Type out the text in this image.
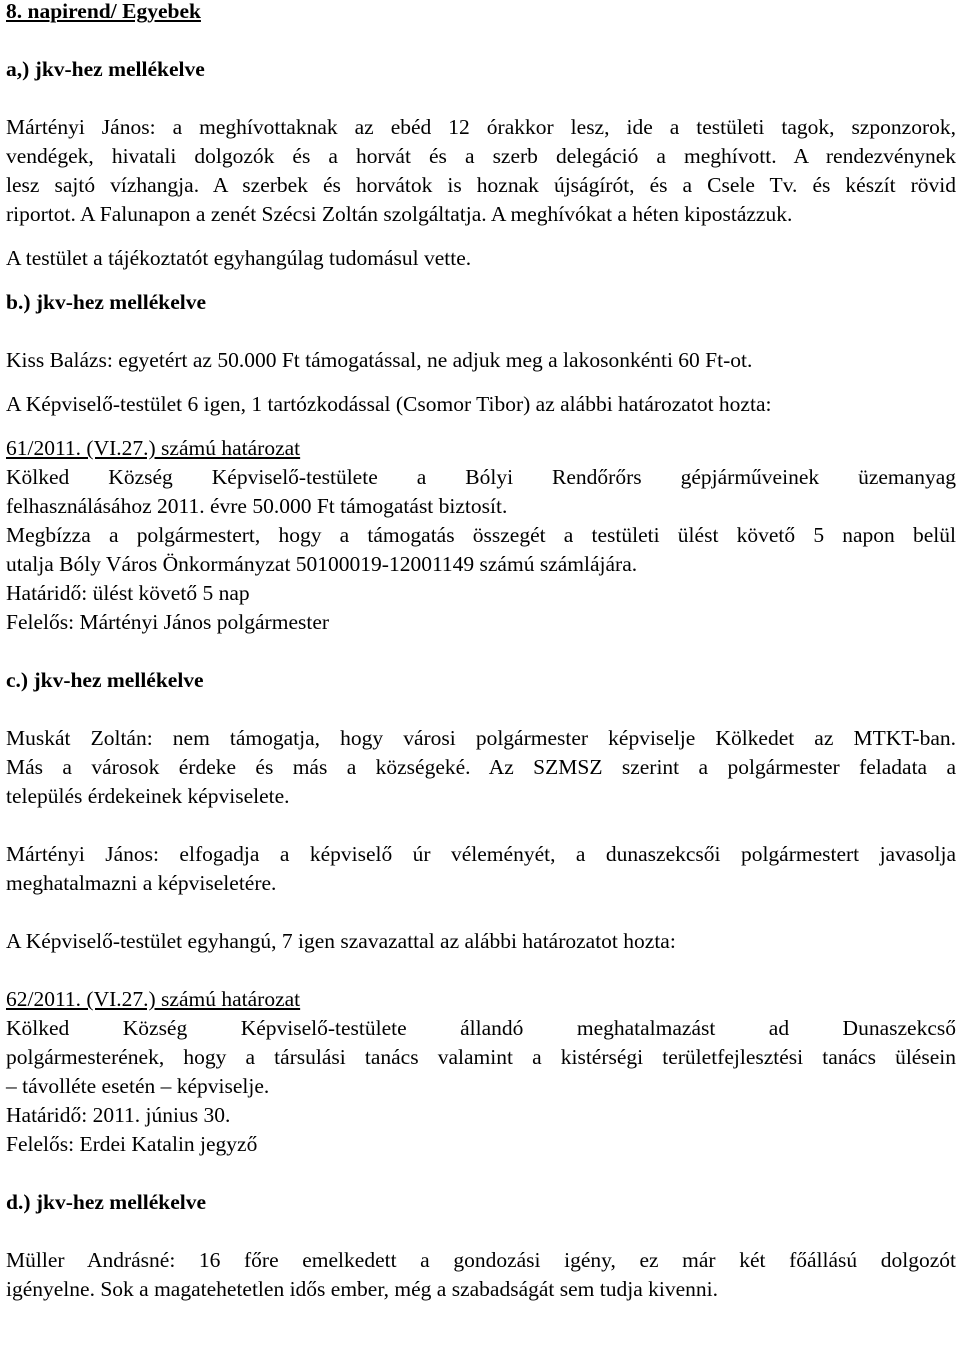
8. napirend/ Egyebek
a,) jkv-hez mellékelve
Mártényi János: a meghívottaknak az ebéd 12 órakkor lesz, ide a testületi tagok, szponzorok,
vendégek, hivatali dolgozók és a horvát és a szerb delegáció a meghívott. A rendezvénynek
lesz sajtó vízhangja. A szerbek és horvátok is hoznak újságírót, és a Csele Tv. és készít rövid
riportot. A Falunapon a zenét Szécsi Zoltán szolgáltatja. A meghívókat a héten kipostázzuk.
A testület a tájékoztatót egyhangúlag tudomásul vette.
b.) jkv-hez mellékelve
Kiss Balázs: egyetért az 50.000 Ft támogatással, ne adjuk meg a lakosonkénti 60 Ft-ot.
A Képviselő-testület 6 igen, 1 tartózkodással (Csomor Tibor) az alábbi határozatot hozta:
61/2011. (VI.27.) számú határozat
Kölked Község Képviselő-testülete a Bólyi Rendőrőrs gépjárműveinek üzemanyag
felhasználásához 2011. évre 50.000 Ft támogatást biztosít.
Megbízza a polgármestert, hogy a támogatás összegét a testületi ülést követő 5 napon belül
utalja Bóly Város Önkormányzat 50100019-12001149 számú számlájára.
Határidő: ülést követő 5 nap
Felelős: Mártényi János polgármester
c.) jkv-hez mellékelve
Muskát Zoltán: nem támogatja, hogy városi polgármester képviselje Kölkedet az MTKT-ban.
Más a városok érdeke és más a községeké. Az SZMSZ szerint a polgármester feladata a
település érdekeinek képviselete.
Mártényi János: elfogadja a képviselő úr véleményét, a dunaszekcsői polgármestert javasolja
meghatalmazni a képviseletére.
A Képviselő-testület egyhangú, 7 igen szavazattal az alábbi határozatot hozta:
62/2011. (VI.27.) számú határozat
Kölked Község Képviselő-testülete állandó meghatalmazást ad Dunaszekcső
polgármesterének, hogy a társulási tanács valamint a kistérségi területfejlesztési tanács ülésein
– távolléte esetén – képviselje.
Határidő: 2011. június 30.
Felelős: Erdei Katalin jegyző
d.) jkv-hez mellékelve
Müller Andrásné: 16 főre emelkedett a gondozási igény, ez már két főállású dolgozót
igényelne. Sok a magatehetetlen idős ember, még a szabadságát sem tudja kivenni.
